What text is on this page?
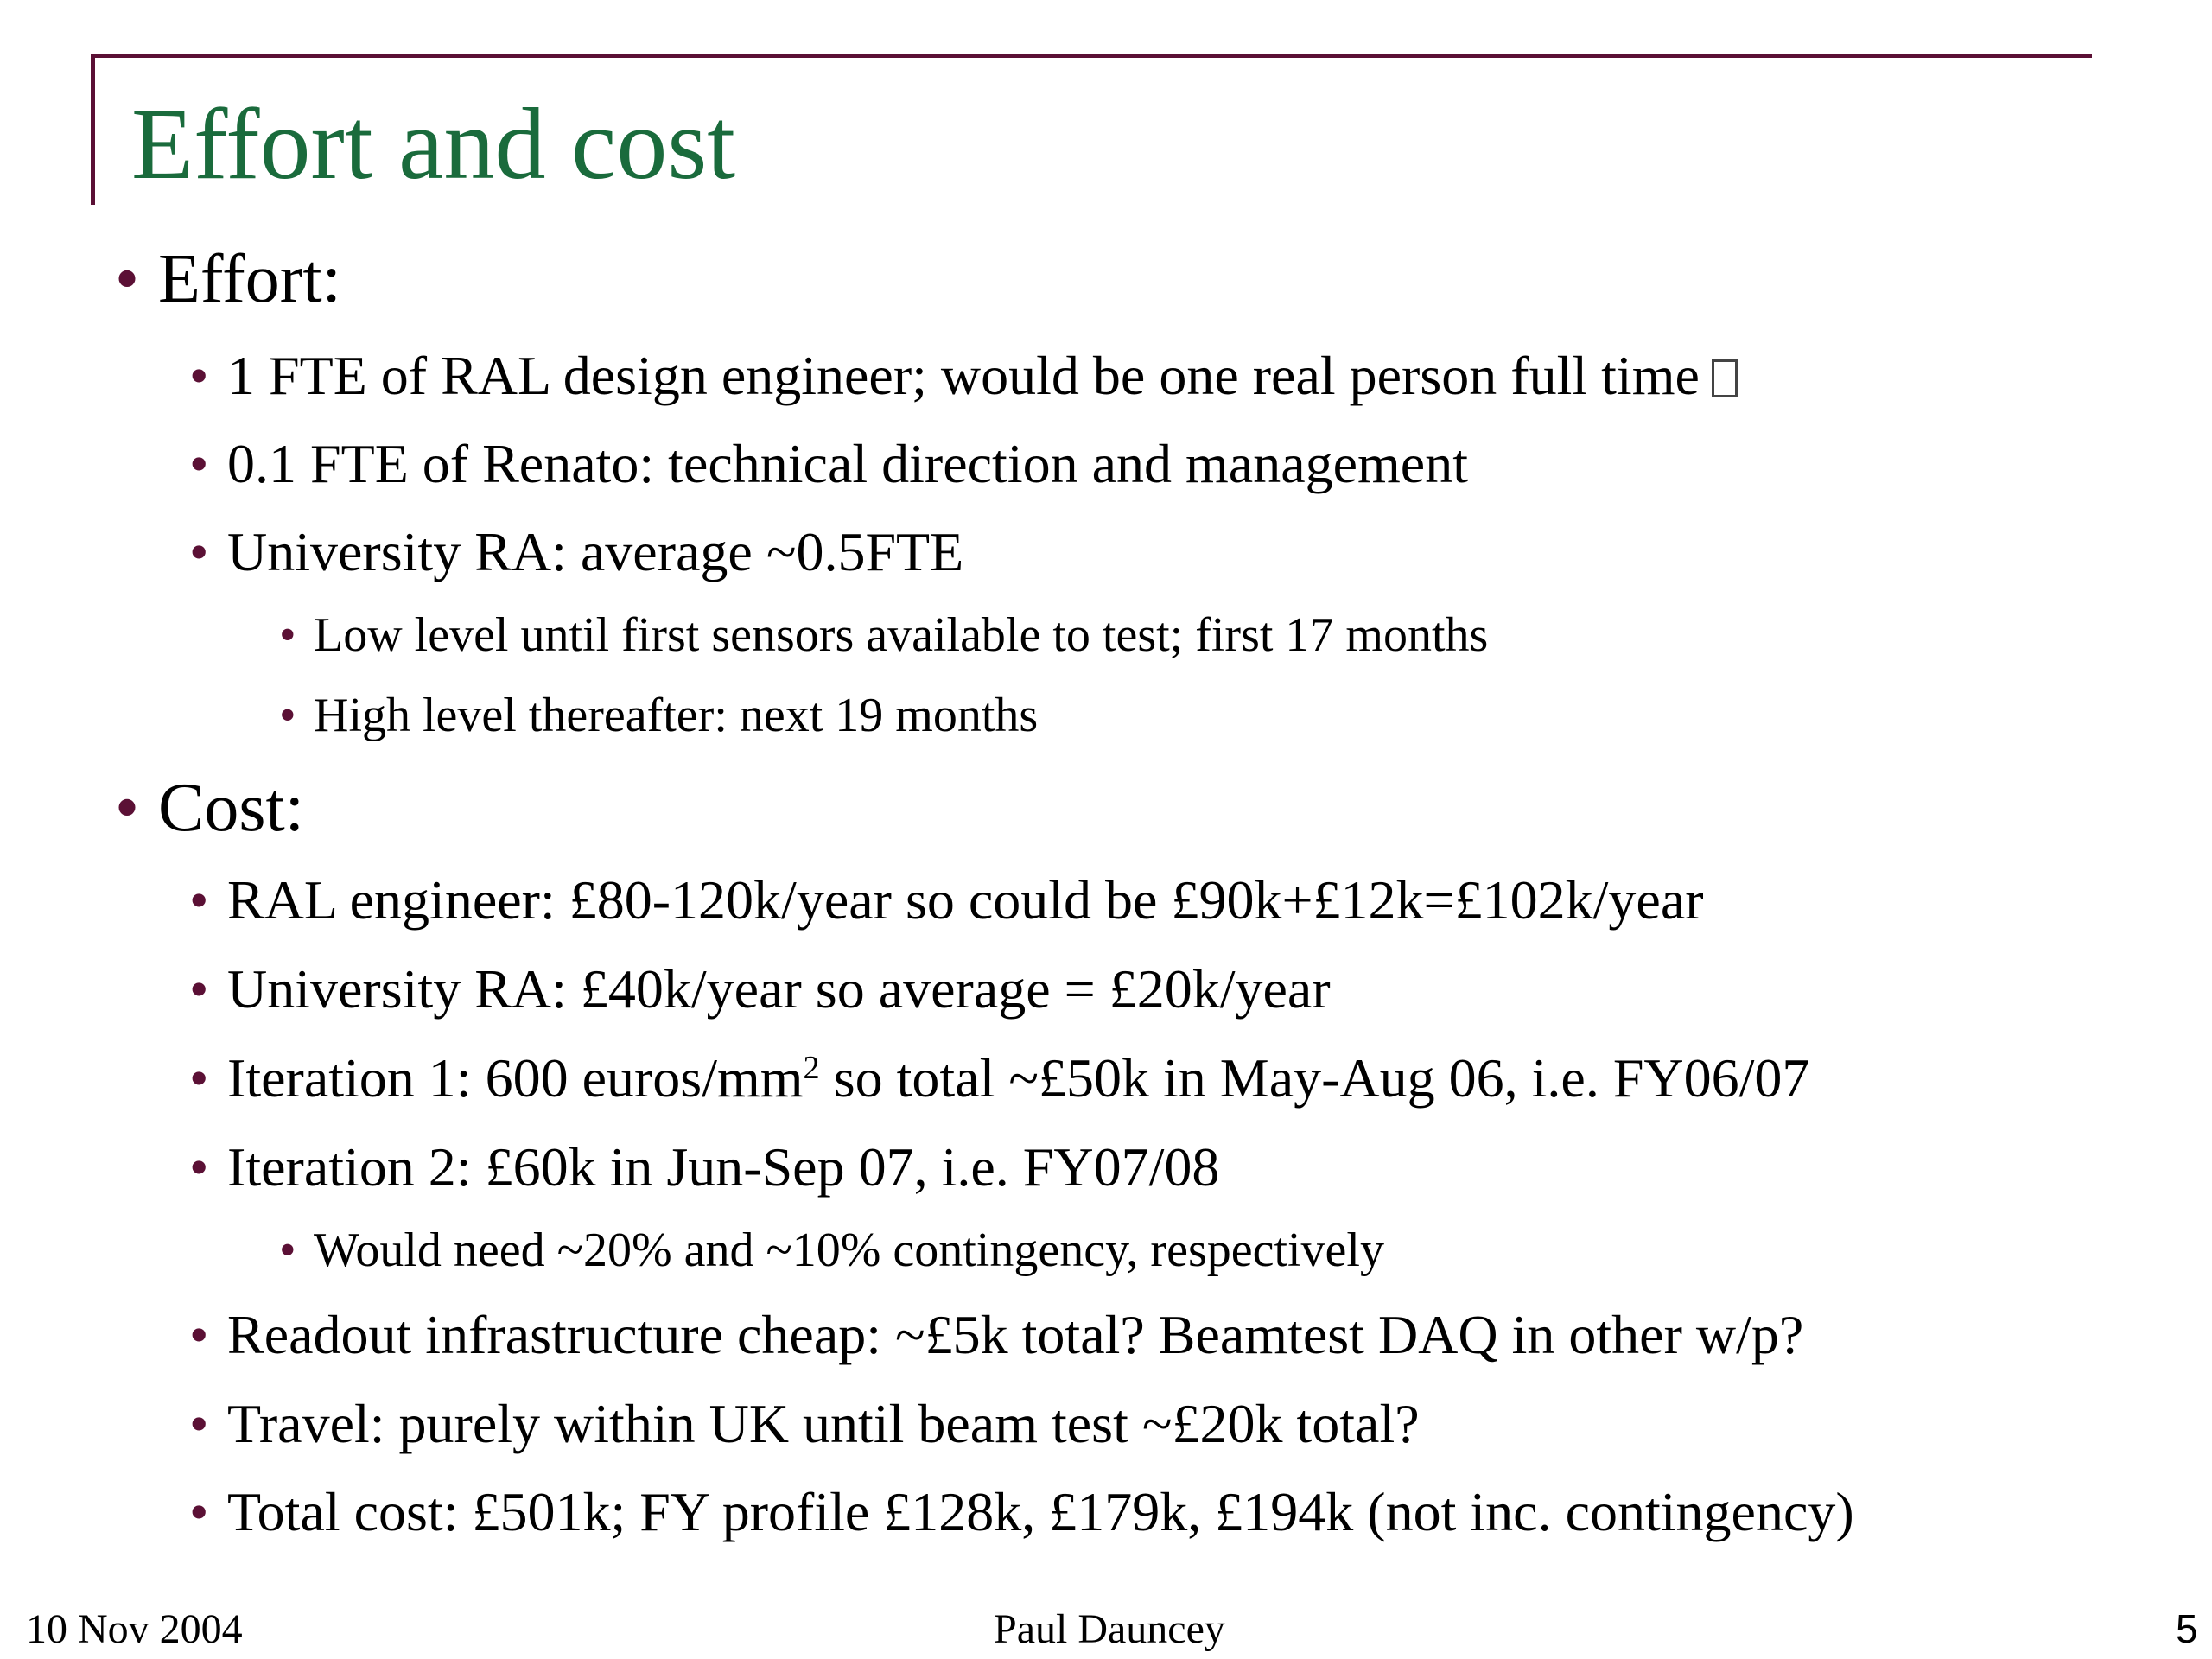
Effort and cost
• Effort:
• 1 FTE of RAL design engineer; would be one real person full time
• 0.1 FTE of Renato: technical direction and management
• University RA: average ~0.5FTE
• Low level until first sensors available to test; first 17 months
• High level thereafter: next 19 months
• Cost:
• RAL engineer: £80-120k/year so could be £90k+£12k=£102k/year
• University RA: £40k/year so average = £20k/year
• Iteration 1: 600 euros/$mm^2$ so total ~£50k in May-Aug 06, i.e. FY06/07
• Iteration 2: £60k in Jun-Sep 07, i.e. FY07/08
• Would need ~20% and ~10% contingency, respectively
• Readout infrastructure cheap: ~£5k total? Beamtest DAQ in other w/p?
• Travel: purely within UK until beam test ~£20k total?
• Total cost: £501k; FY profile £128k, £179k, £194k (not inc. contingency)
10 Nov 2004	Paul Dauncey	5
